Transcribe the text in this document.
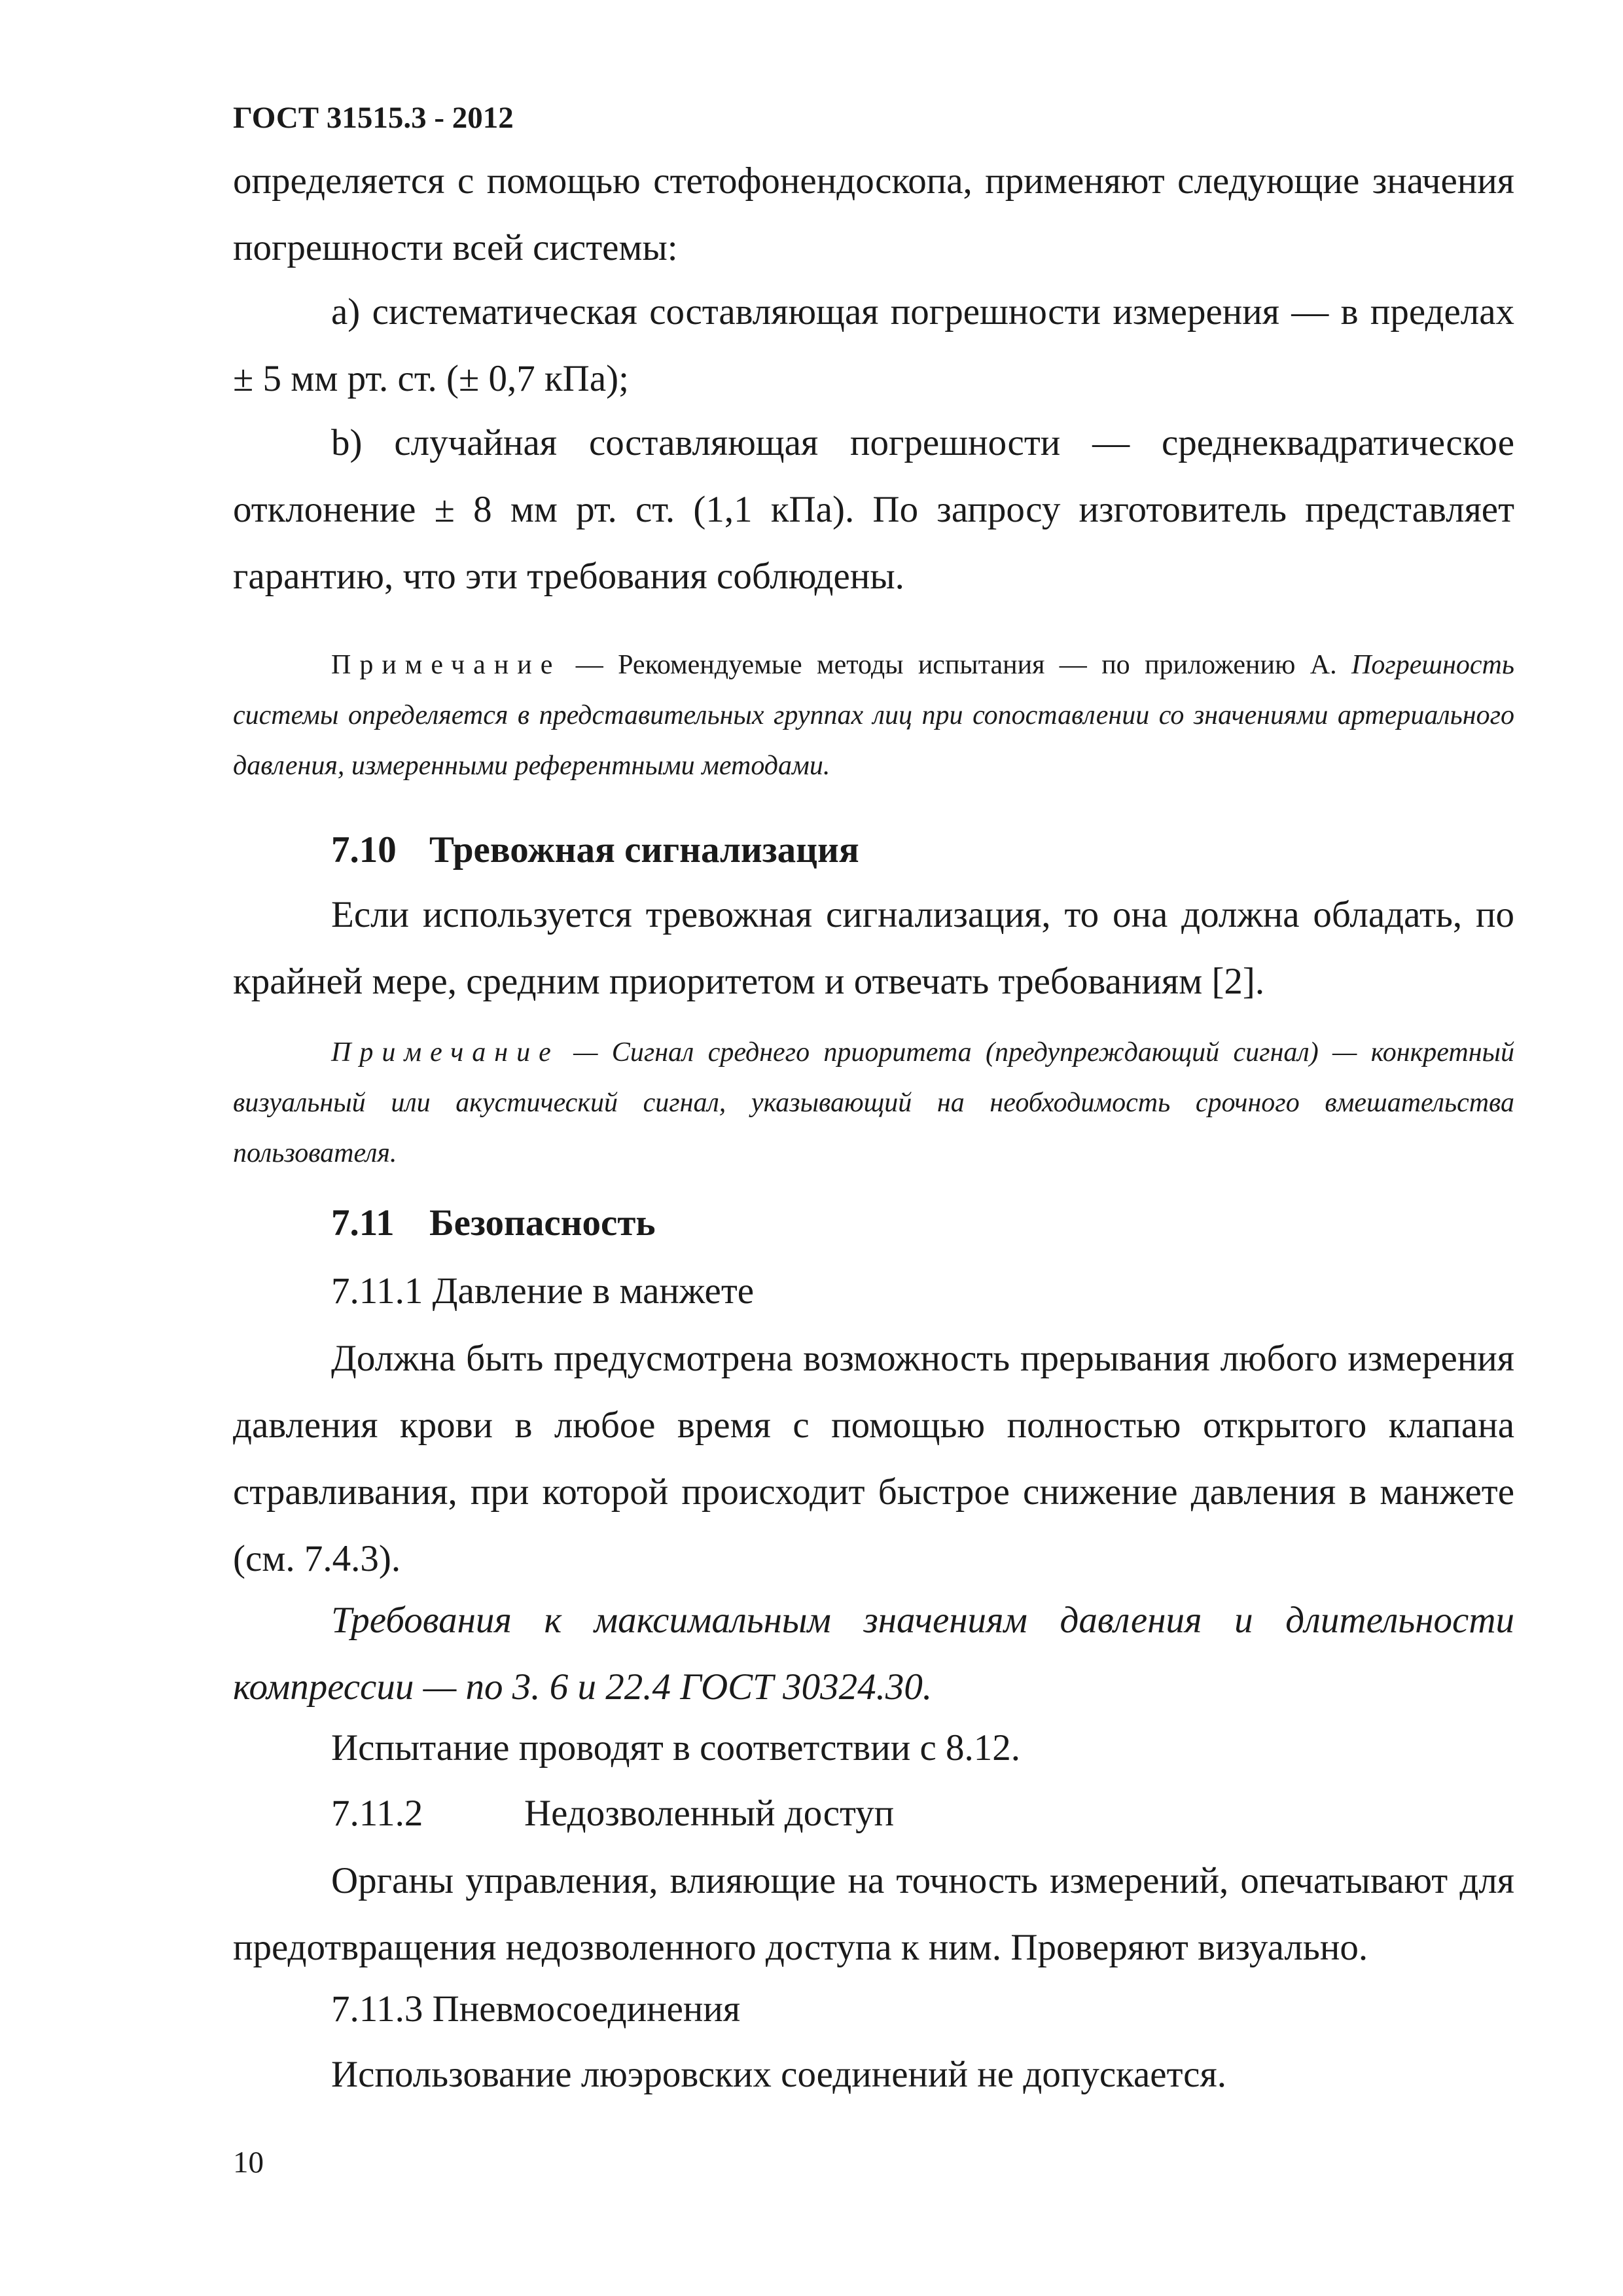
ГОСТ 31515.3 - 2012

определяется с помощью стетофонендоскопа, применяют следующие значения погрешности всей системы:

а) систематическая составляющая погрешности измерения — в пределах ± 5 мм рт. ст. (± 0,7 кПа);

b) случайная составляющая погрешности — среднеквадратическое отклонение ± 8 мм рт. ст. (1,1 кПа). По запросу изготовитель представляет гарантию, что эти требования соблюдены.

Примечание — Рекомендуемые методы испытания — по приложению А. Погрешность системы определяется в представительных группах лиц при сопоставлении со значениями артериального давления, измеренными референтными методами.

7.10 Тревожная сигнализация

Если используется тревожная сигнализация, то она должна обладать, по крайней мере, средним приоритетом и отвечать требованиям [2].

Примечание — Сигнал среднего приоритета (предупреждающий сигнал) — конкретный визуальный или акустический сигнал, указывающий на необходимость срочного вмешательства пользователя.

7.11 Безопасность
7.11.1 Давление в манжете

Должна быть предусмотрена возможность прерывания любого измерения давления крови в любое время с помощью полностью открытого клапана стравливания, при которой происходит быстрое снижение давления в манжете (см. 7.4.3).

Требования к максимальным значениям давления и длительности компрессии — по 3. 6 и 22.4 ГОСТ 30324.30.

Испытание проводят в соответствии с 8.12.
7.11.2	Недозволенный доступ

Органы управления, влияющие на точность измерений, опечатывают для предотвращения недозволенного доступа к ним. Проверяют визуально.

7.11.3 Пневмосоединения
Использование люэровских соединений не допускается.
10
